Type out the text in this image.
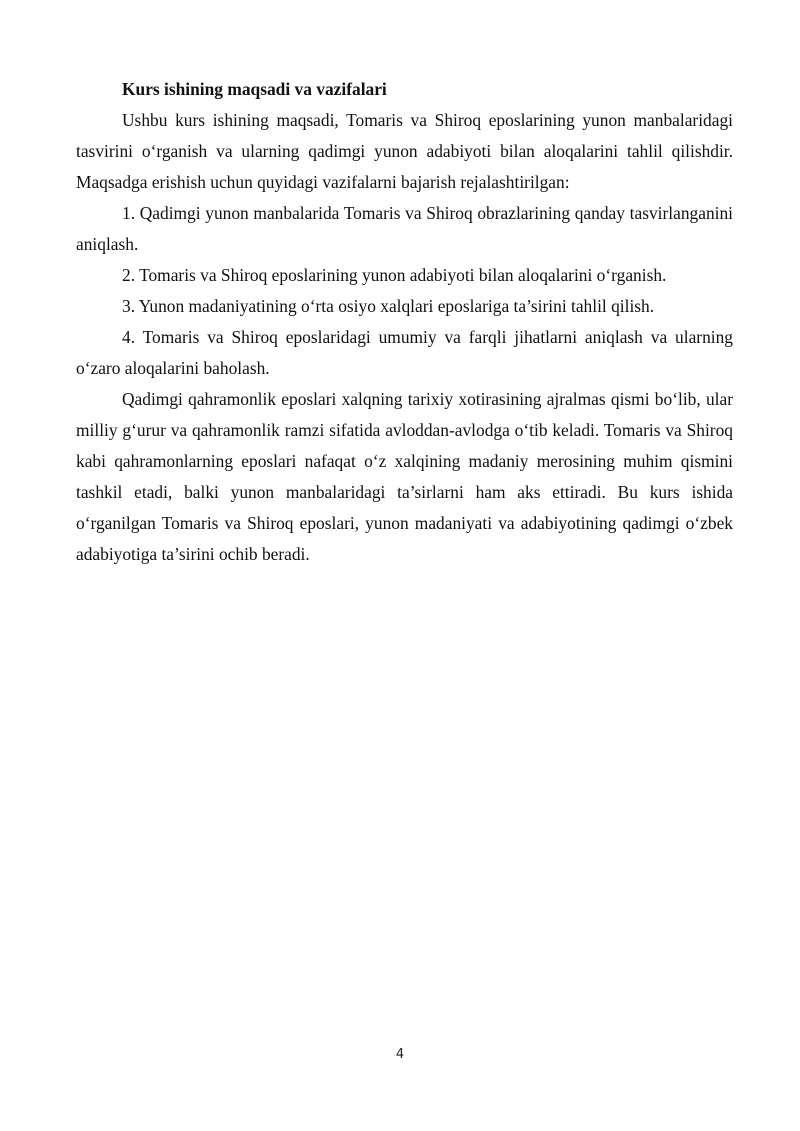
Kurs ishining maqsadi va vazifalari

Ushbu kurs ishining maqsadi, Tomaris va Shiroq eposlarining yunon manbalaridagi tasvirini o‘rganish va ularning qadimgi yunon adabiyoti bilan aloqalarini tahlil qilishdir. Maqsadga erishish uchun quyidagi vazifalarni bajarish rejalashtirilgan:

1. Qadimgi yunon manbalarida Tomaris va Shiroq obrazlarining qanday tasvirlanganini aniqlash.

2. Tomaris va Shiroq eposlarining yunon adabiyoti bilan aloqalarini o‘rganish.

3. Yunon madaniyatining o‘rta osiyo xalqlari eposlariga ta’sirini tahlil qilish.

4. Tomaris va Shiroq eposlaridagi umumiy va farqli jihatlarni aniqlash va ularning o‘zaro aloqalarini baholash.

Qadimgi qahramonlik eposlari xalqning tarixiy xotirasining ajralmas qismi bo‘lib, ular milliy g‘urur va qahramonlik ramzi sifatida avloddan-avlodga o‘tib keladi. Tomaris va Shiroq kabi qahramonlarning eposlari nafaqat o‘z xalqining madaniy merosining muhim qismini tashkil etadi, balki yunon manbalaridagi ta’sirlarni ham aks ettiradi. Bu kurs ishida o‘rganilgan Tomaris va Shiroq eposlari, yunon madaniyati va adabiyotining qadimgi o‘zbek adabiyotiga ta’sirini ochib beradi.

4
